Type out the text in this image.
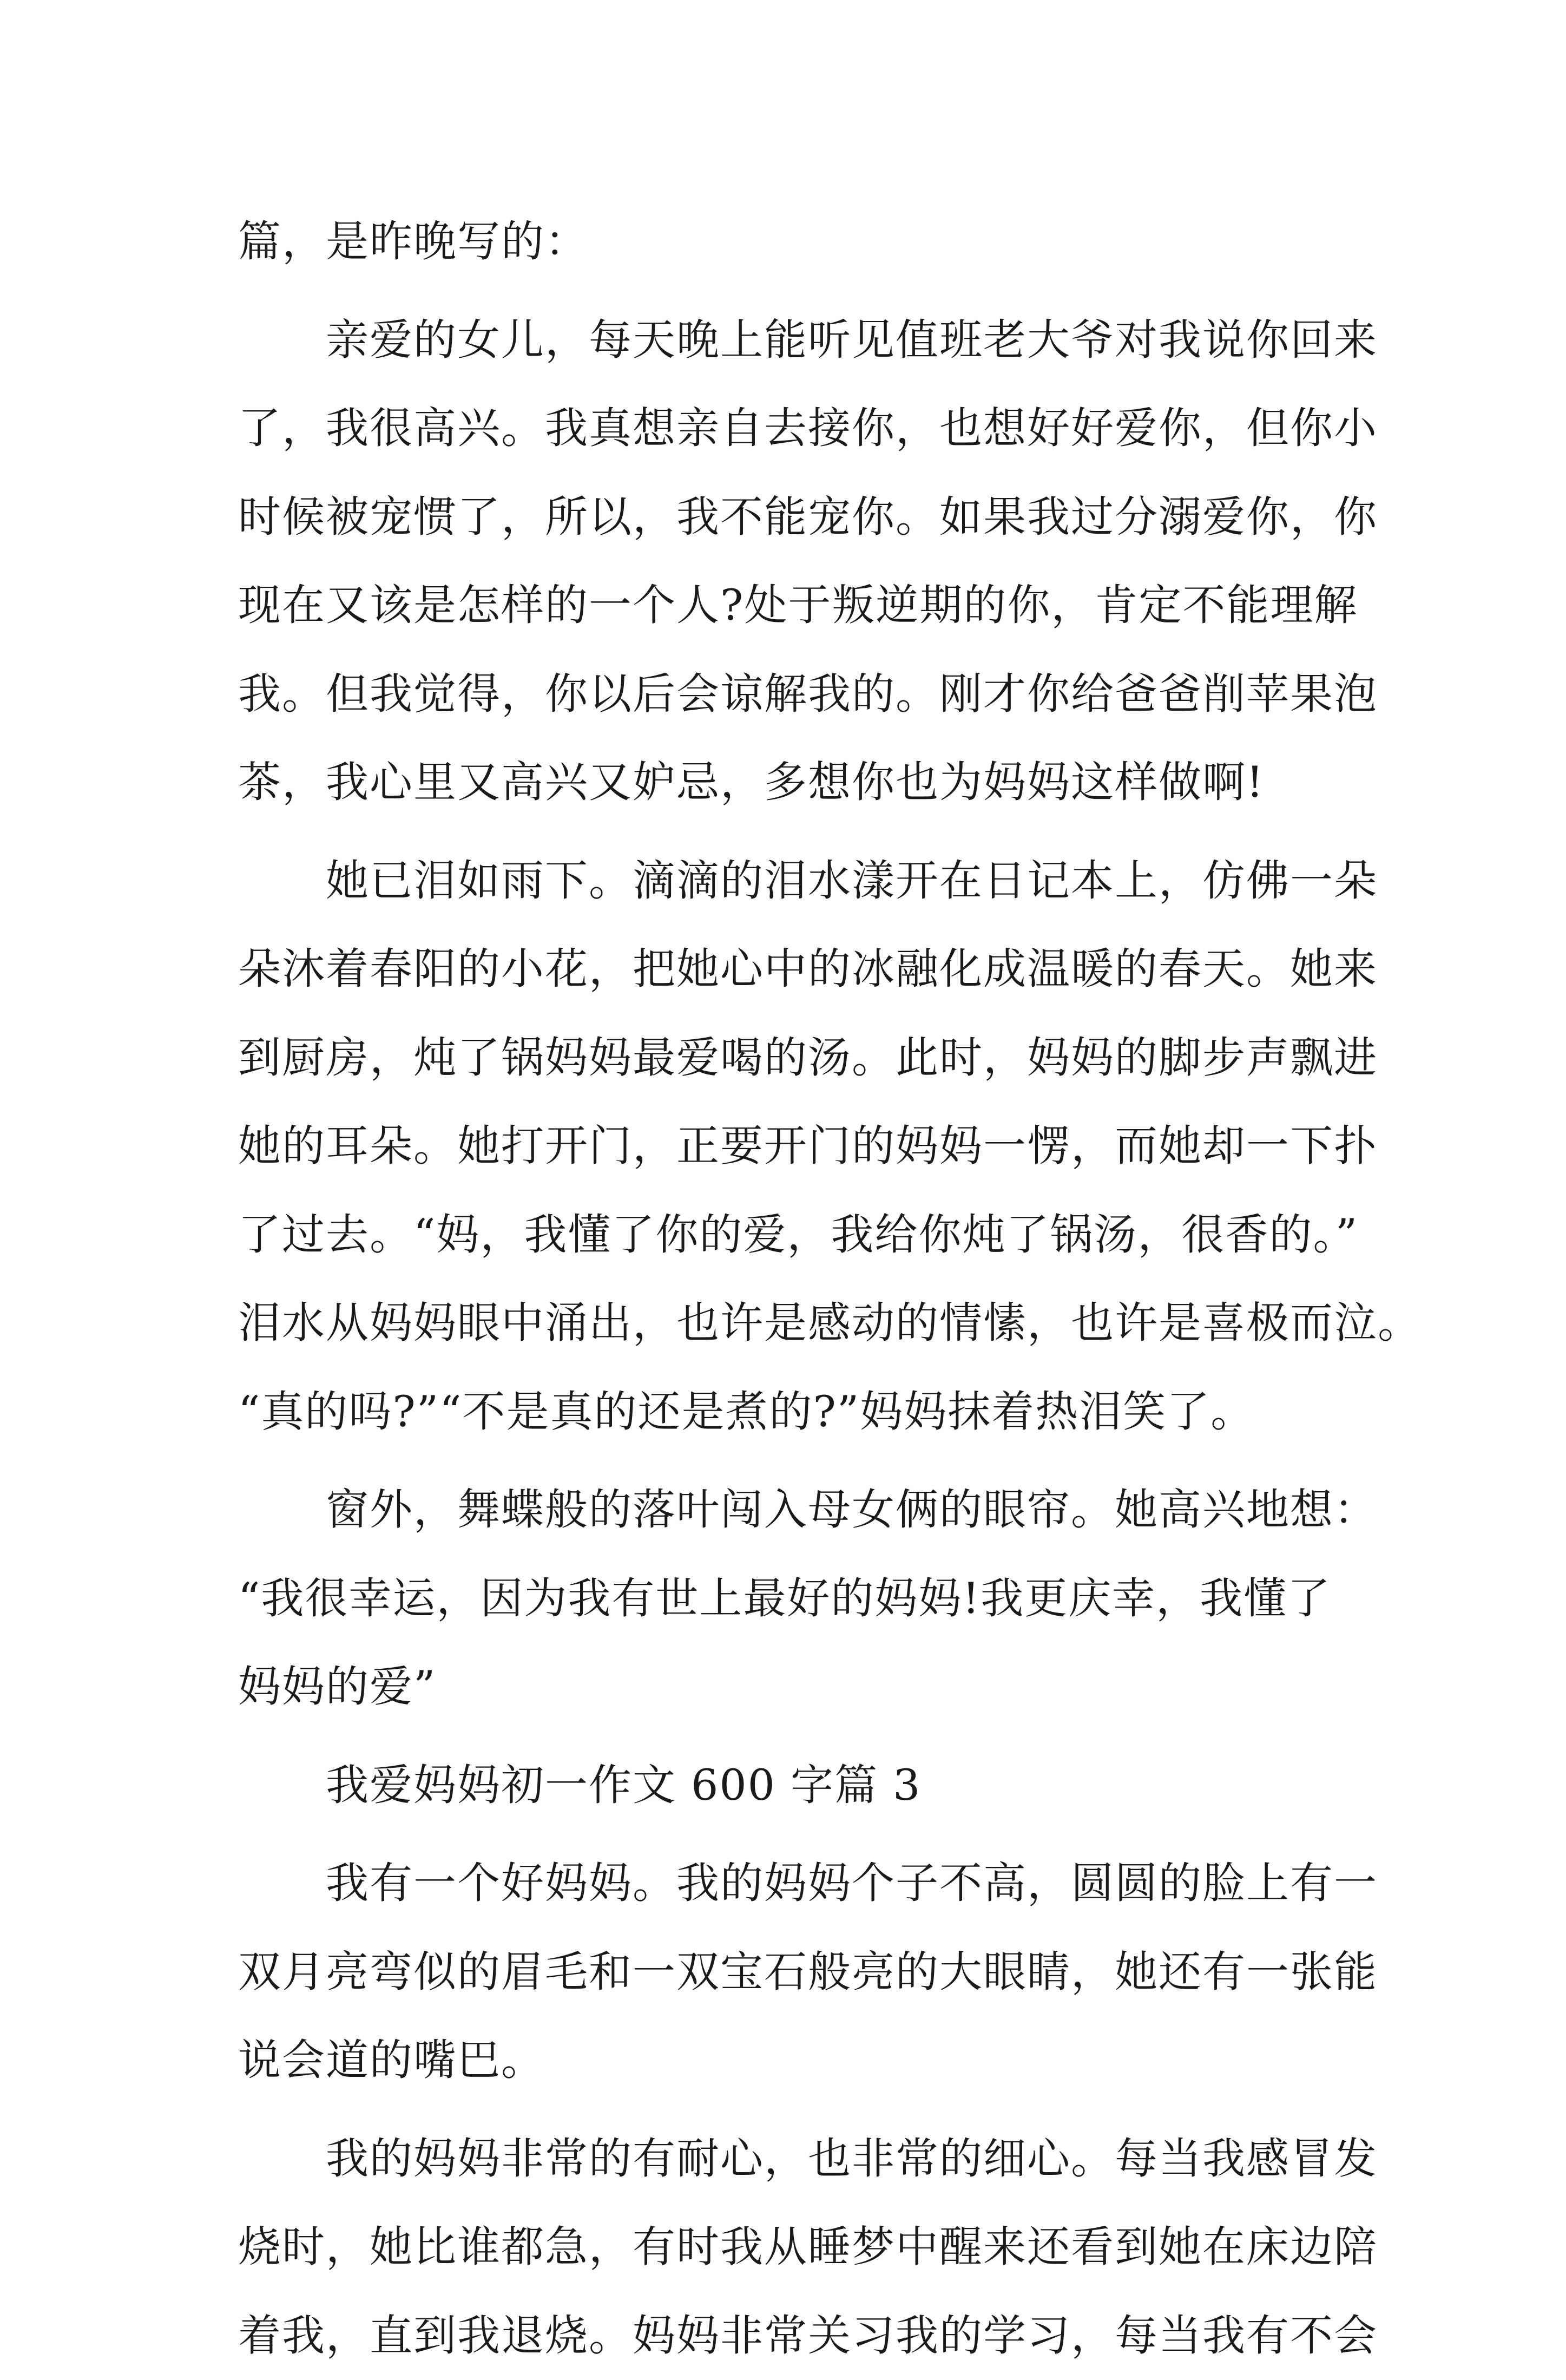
篇，是昨晚写的：
亲爱的女儿，每天晚上能听见值班老大爷对我说你回来
了，我很高兴。我真想亲自去接你，也想好好爱你，但你小
时候被宠惯了，所以，我不能宠你。如果我过分溺爱你，你
现在又该是怎样的一个人?处于叛逆期的你，肯定不能理解
我。但我觉得，你以后会谅解我的。刚才你给爸爸削苹果泡
茶，我心里又高兴又妒忌，多想你也为妈妈这样做啊!
她已泪如雨下。滴滴的泪水漾开在日记本上，仿佛一朵
朵沐着春阳的小花，把她心中的冰融化成温暖的春天。她来
到厨房，炖了锅妈妈最爱喝的汤。此时，妈妈的脚步声飘进
她的耳朵。她打开门，正要开门的妈妈一愣，而她却一下扑
了过去。“妈，我懂了你的爱，我给你炖了锅汤，很香的。”
泪水从妈妈眼中涌出，也许是感动的情愫，也许是喜极而泣。
“真的吗?”“不是真的还是煮的?”妈妈抹着热泪笑了。
窗外，舞蝶般的落叶闯入母女俩的眼帘。她高兴地想：
“我很幸运，因为我有世上最好的妈妈!我更庆幸，我懂了
妈妈的爱”
我爱妈妈初一作文 600 字篇 3
我有一个好妈妈。我的妈妈个子不高，圆圆的脸上有一
双月亮弯似的眉毛和一双宝石般亮的大眼睛，她还有一张能
说会道的嘴巴。
我的妈妈非常的有耐心，也非常的细心。每当我感冒发
烧时，她比谁都急，有时我从睡梦中醒来还看到她在床边陪
着我，直到我退烧。妈妈非常关习我的学习，每当我有不会
